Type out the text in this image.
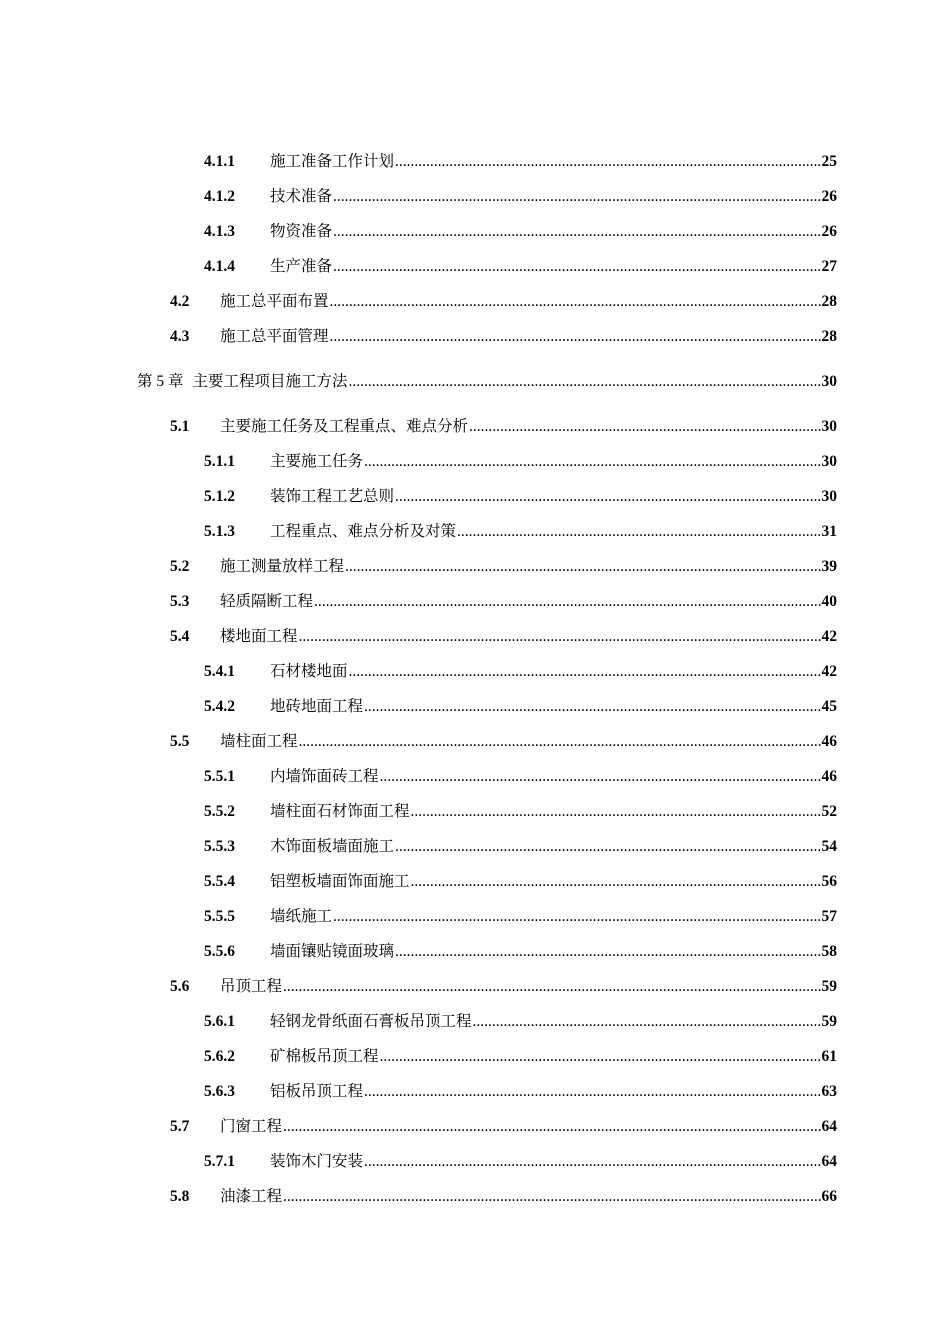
4.1.1	施工准备工作计划 .....	25
4.1.2	技术准备 .....	26
4.1.3	物资准备 .....	26
4.1.4	生产准备 .....	27
4.2	施工总平面布置 .....	28
4.3	施工总平面管理 .....	28
第 5 章 主要工程项目施工方法 .....	30
5.1	主要施工任务及工程重点、难点分析 .....	30
5.1.1	主要施工任务 .....	30
5.1.2	装饰工程工艺总则 .....	30
5.1.3	工程重点、难点分析及对策 .....	31
5.2	施工测量放样工程 .....	39
5.3	轻质隔断工程 .....	40
5.4	楼地面工程 .....	42
5.4.1	石材楼地面 .....	42
5.4.2	地砖地面工程 .....	45
5.5	墙柱面工程 .....	46
5.5.1	内墙饰面砖工程 .....	46
5.5.2	墙柱面石材饰面工程 .....	52
5.5.3	木饰面板墙面施工 .....	54
5.5.4	铝塑板墙面饰面施工 .....	56
5.5.5	墙纸施工 .....	57
5.5.6	墙面镶贴镜面玻璃 .....	58
5.6	吊顶工程 .....	59
5.6.1	轻钢龙骨纸面石膏板吊顶工程 .....	59
5.6.2	矿棉板吊顶工程 .....	61
5.6.3	铝板吊顶工程 .....	63
5.7	门窗工程 .....	64
5.7.1	装饰木门安装 .....	64
5.8	油漆工程 .....	66
